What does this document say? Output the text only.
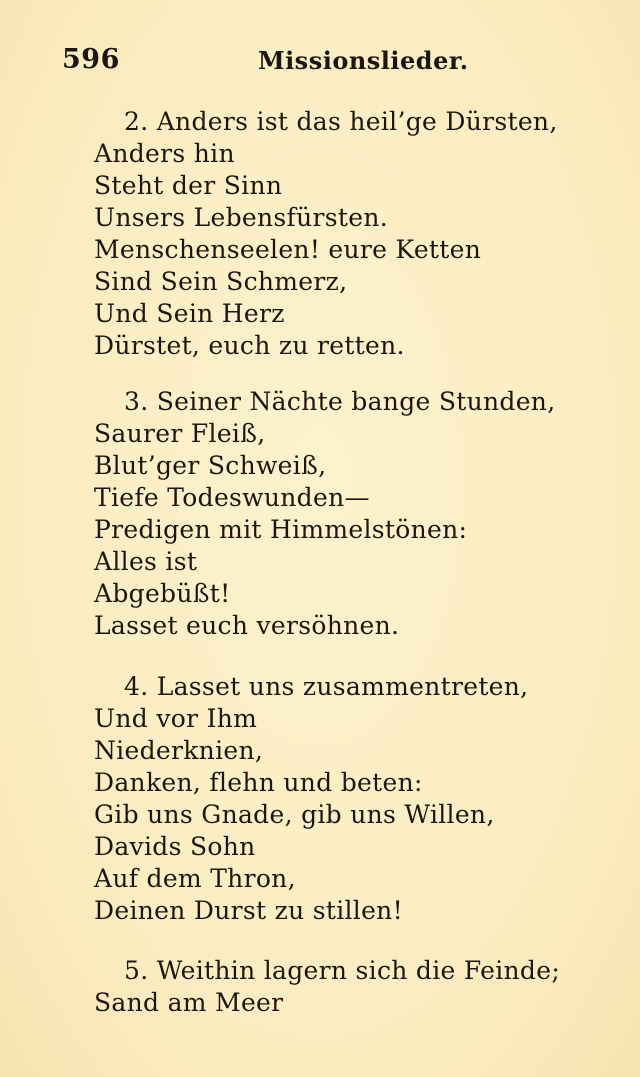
596	Missionslieder.
2. Anders ist das heil’ge Dürsten,
Anders hin
Steht der Sinn
Unsers Lebensfürsten.
Menschenseelen! eure Ketten
Sind Sein Schmerz,
Und Sein Herz
Dürstet, euch zu retten.
3. Seiner Nächte bange Stunden,
Saurer Fleiß,
Blut’ger Schweiß,
Tiefe Todeswunden—
Predigen mit Himmelstönen:
Alles ist
Abgebüßt!
Lasset euch versöhnen.
4. Lasset uns zusammentreten,
Und vor Ihm
Niederknien,
Danken, flehn und beten:
Gib uns Gnade, gib uns Willen,
Davids Sohn
Auf dem Thron,
Deinen Durst zu stillen!
5. Weithin lagern sich die Feinde;
Sand am Meer
